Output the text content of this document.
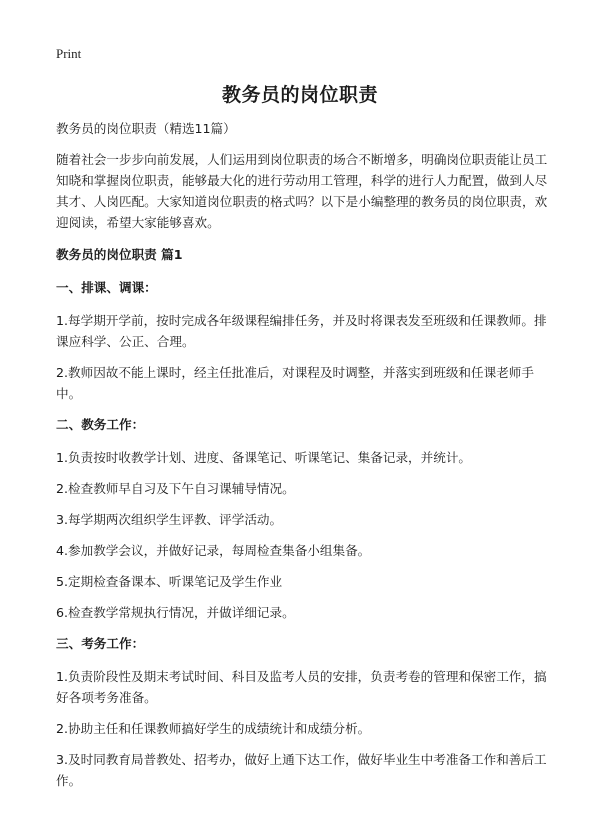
Print
教务员的岗位职责

教务员的岗位职责（精选11篇）

随着社会一步步向前发展，人们运用到岗位职责的场合不断增多，明确岗位职责能让员工知晓和掌握岗位职责，能够最大化的进行劳动用工管理，科学的进行人力配置，做到人尽其才、人岗匹配。大家知道岗位职责的格式吗？以下是小编整理的教务员的岗位职责，欢迎阅读，希望大家能够喜欢。

教务员的岗位职责 篇1

一、排课、调课：

1.每学期开学前，按时完成各年级课程编排任务，并及时将课表发至班级和任课教师。排课应科学、公正、合理。

2.教师因故不能上课时，经主任批准后，对课程及时调整，并落实到班级和任课老师手中。

二、教务工作：

1.负责按时收教学计划、进度、备课笔记、听课笔记、集备记录，并统计。

2.检查教师早自习及下午自习课辅导情况。

3.每学期两次组织学生评教、评学活动。

4.参加教学会议，并做好记录，每周检查集备小组集备。

5.定期检查备课本、听课笔记及学生作业

6.检查教学常规执行情况，并做详细记录。

三、考务工作：

1.负责阶段性及期末考试时间、科目及监考人员的安排，负责考卷的管理和保密工作，搞好各项考务准备。

2.协助主任和任课教师搞好学生的成绩统计和成绩分析。

3.及时同教育局普教处、招考办，做好上通下达工作，做好毕业生中考准备工作和善后工作。
